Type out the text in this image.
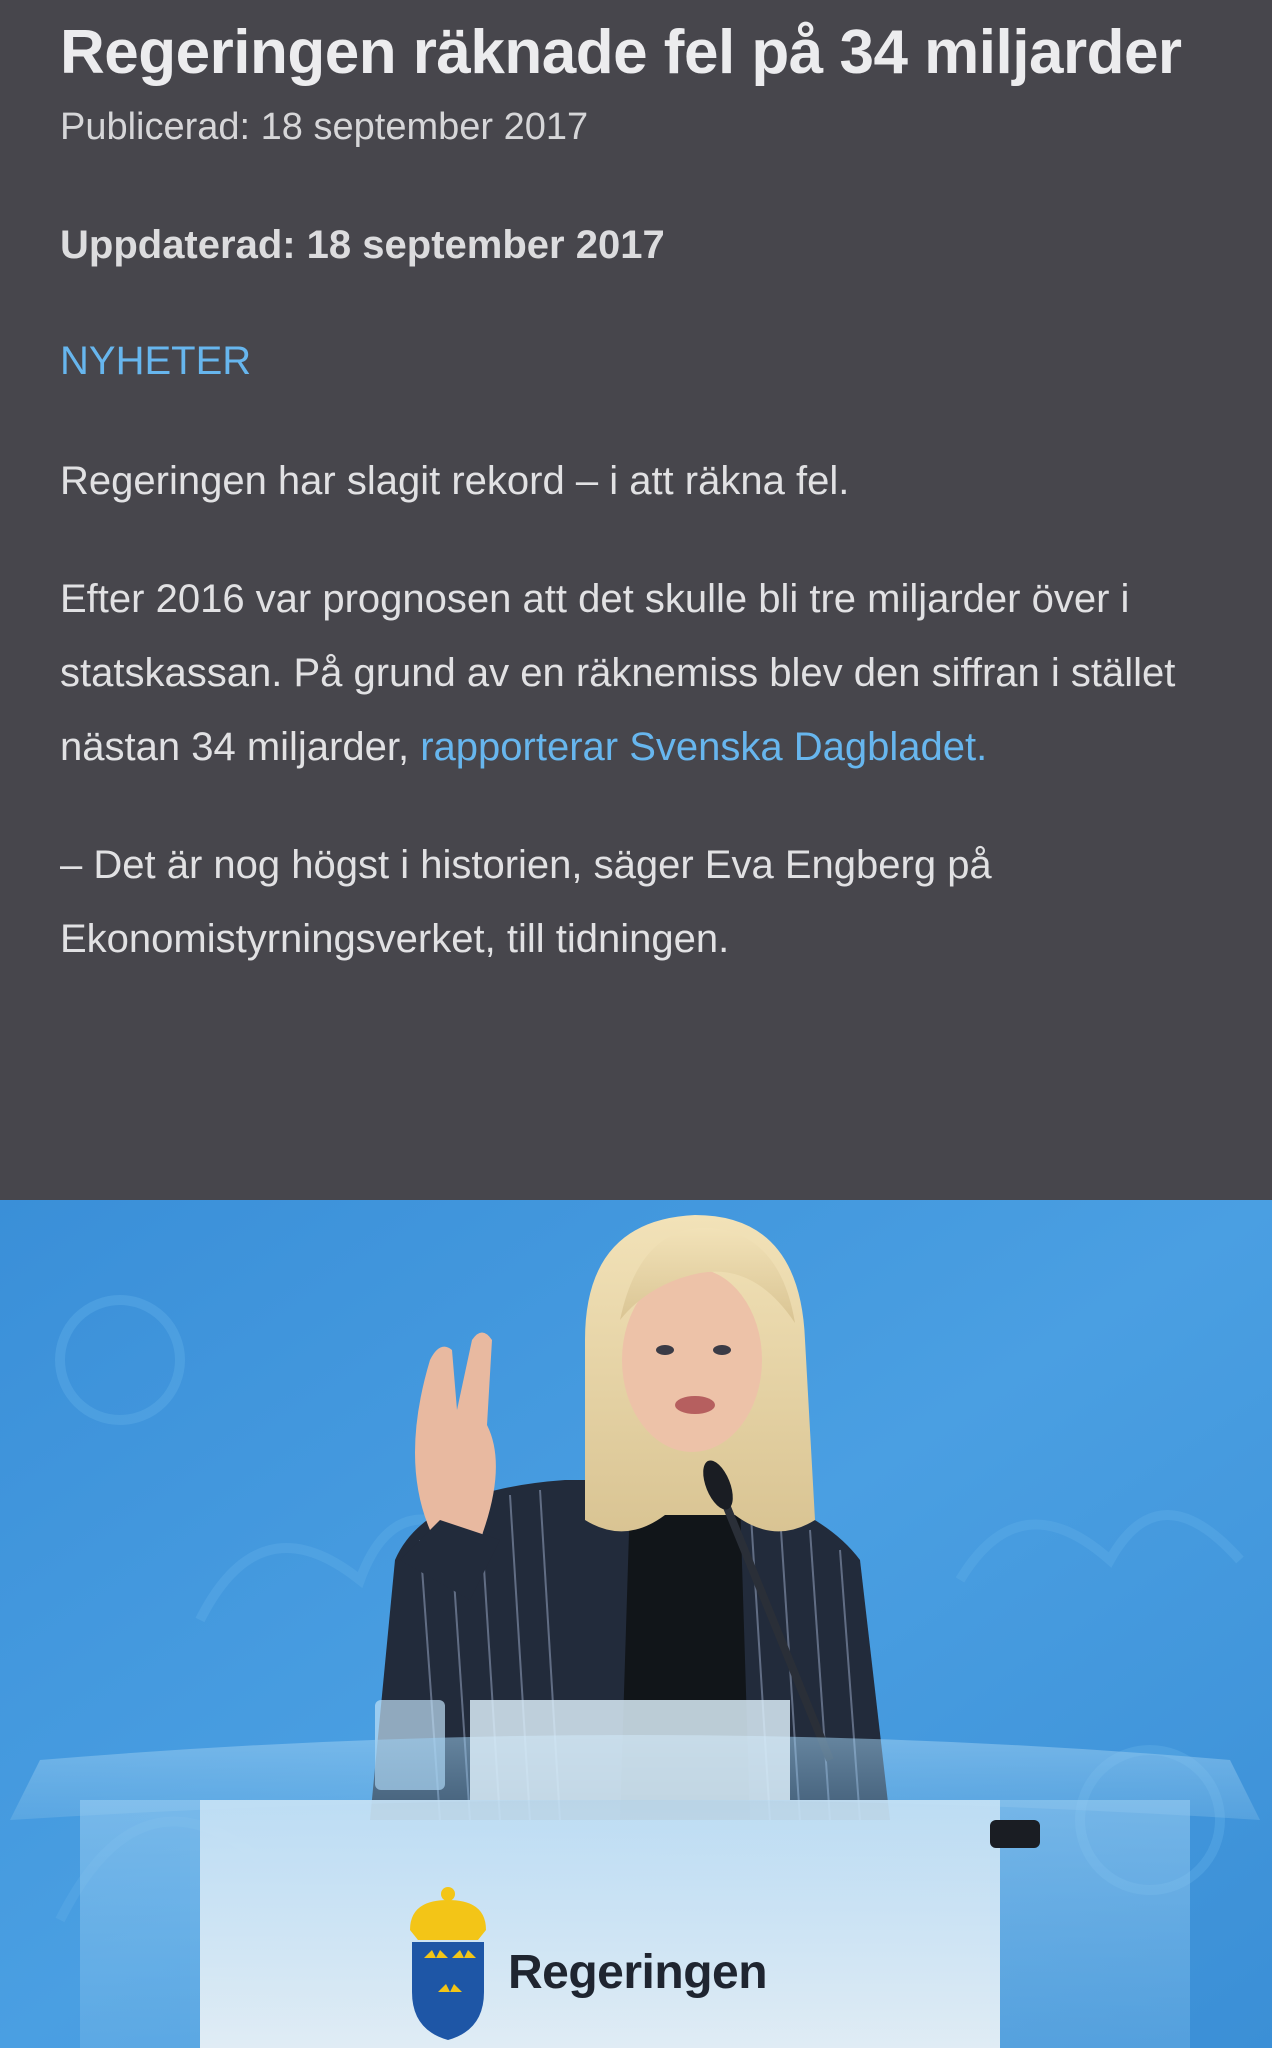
Regeringen räknade fel på 34 miljarder
Publicerad: 18 september 2017
Uppdaterad: 18 september 2017
NYHETER

Regeringen har slagit rekord – i att räkna fel.

Efter 2016 var prognosen att det skulle bli tre miljarder över i statskassan. På grund av en räknemiss blev den siffran i stället nästan 34 miljarder, rapporterar Svenska Dagbladet.

– Det är nog högst i historien, säger Eva Engberg på Ekonomistyrningsverket, till tidningen.

Regeringen
